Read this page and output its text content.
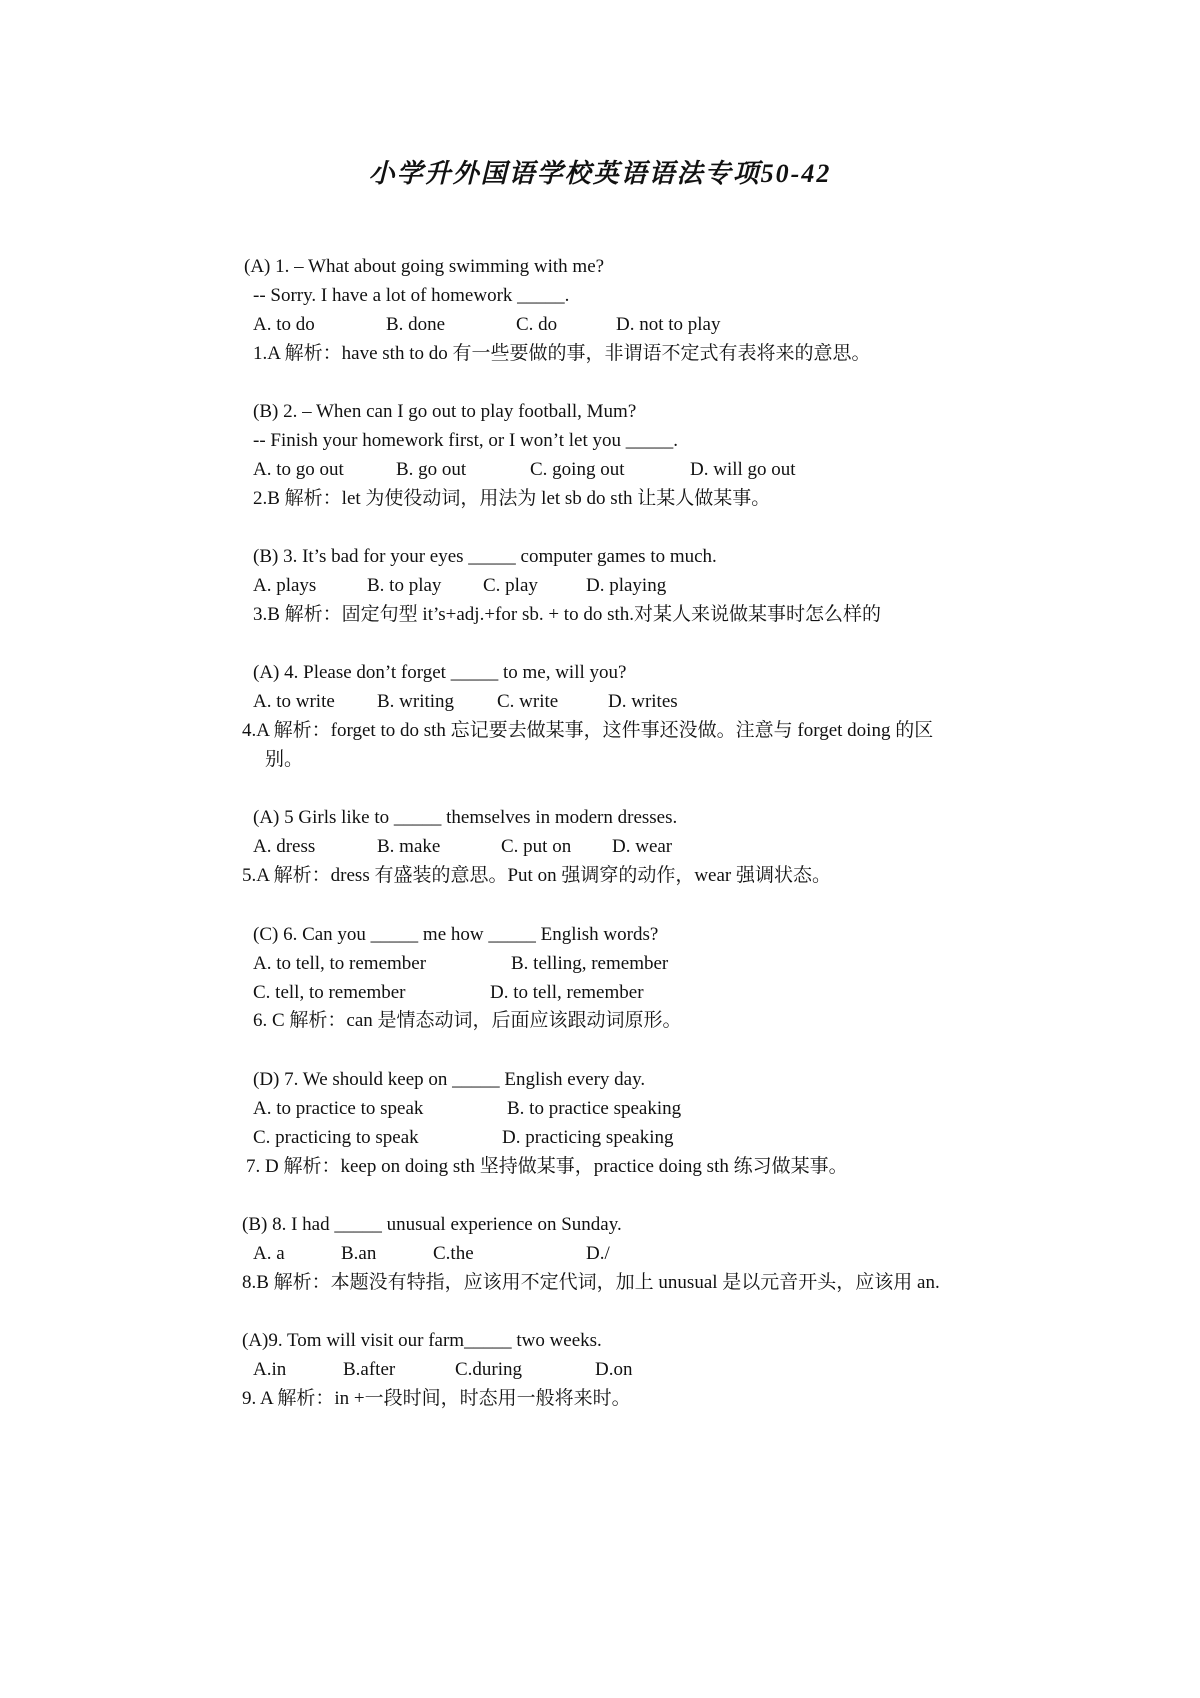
小学升外国语学校英语语法专项50-42
(A) 1. – What about going swimming with me?
-- Sorry. I have a lot of homework _____.
A. to do	B. done	C. do	D. not to play
1.A 解析：have sth to do 有一些要做的事，非谓语不定式有表将来的意思。
(B) 2. – When can I go out to play football, Mum?
-- Finish your homework first, or I won’t let you _____.
A. to go out	B. go out	C. going out	D. will go out
2.B 解析：let 为使役动词，用法为 let sb do sth 让某人做某事。
(B) 3. It’s bad for your eyes _____ computer games to much.
A. plays	B. to play C. play	D. playing
3.B 解析：固定句型 it’s+adj.+for sb. + to do sth.对某人来说做某事时怎么样的
(A) 4. Please don’t forget _____ to me, will you?
A. to write B. writing C. write	D. writes
4.A 解析：forget to do sth 忘记要去做某事，这件事还没做。注意与 forget doing 的区
别。
(A) 5 Girls like to _____ themselves in modern dresses.
A. dress	B. make	C. put on D. wear
5.A 解析：dress 有盛装的意思。Put on 强调穿的动作，wear 强调状态。
(C) 6. Can you _____ me how _____ English words?
A. to tell, to remember	B. telling, remember
C. tell, to remember	D. to tell, remember
6. C 解析：can 是情态动词，后面应该跟动词原形。
(D) 7. We should keep on _____ English every day.
A. to practice to speak	B. to practice speaking
C. practicing to speak	D. practicing speaking
7. D 解析：keep on doing sth 坚持做某事，practice doing sth 练习做某事。
(B) 8. I had _____ unusual experience on Sunday.
A. a	B.an	C.the	D./
8.B 解析：本题没有特指，应该用不定代词，加上 unusual 是以元音开头，应该用 an.
(A)9. Tom will visit our farm_____ two weeks.
A.in	B.after	C.during	D.on
9. A 解析：in +一段时间，时态用一般将来时。
